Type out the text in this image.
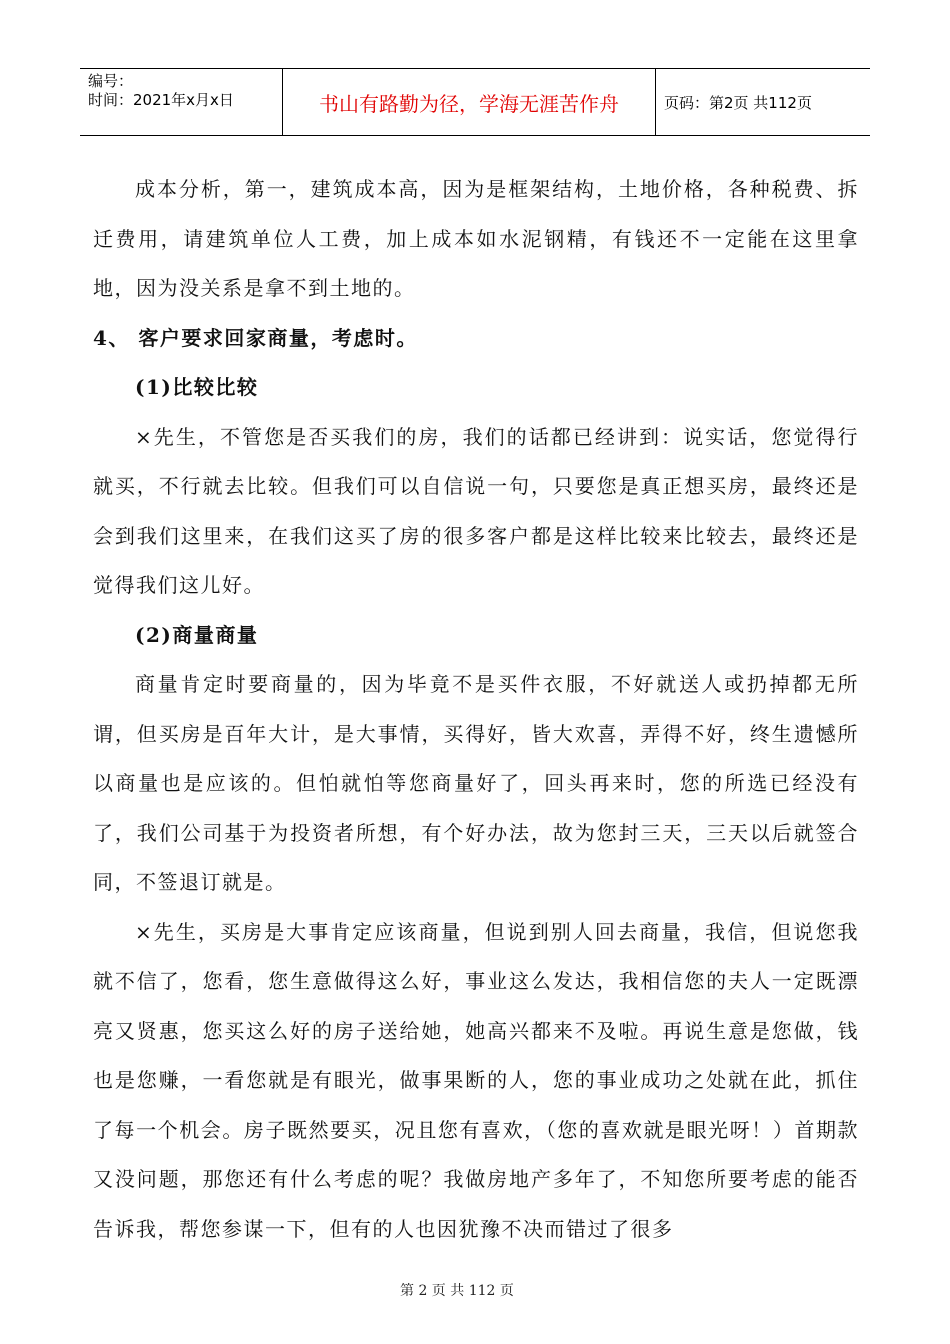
编号：
时间：2021年x月x日	书山有路勤为径，学海无涯苦作舟	页码：第2页 共112页

成本分析，第一，建筑成本高，因为是框架结构，土地价格，各种税费、拆迁费用，请建筑单位人工费，加上成本如水泥钢精，有钱还不一定能在这里拿地，因为没关系是拿不到土地的。

4、 客户要求回家商量，考虑时。

(1)比较比较

×先生，不管您是否买我们的房，我们的话都已经讲到：说实话，您觉得行就买，不行就去比较。但我们可以自信说一句，只要您是真正想买房，最终还是会到我们这里来，在我们这买了房的很多客户都是这样比较来比较去，最终还是觉得我们这儿好。

(2)商量商量

商量肯定时要商量的，因为毕竟不是买件衣服，不好就送人或扔掉都无所谓，但买房是百年大计，是大事情，买得好，皆大欢喜，弄得不好，终生遗憾所以商量也是应该的。但怕就怕等您商量好了，回头再来时，您的所选已经没有了，我们公司基于为投资者所想，有个好办法，故为您封三天，三天以后就签合同，不签退订就是。

×先生，买房是大事肯定应该商量，但说到别人回去商量，我信，但说您我就不信了，您看，您生意做得这么好，事业这么发达，我相信您的夫人一定既漂亮又贤惠，您买这么好的房子送给她，她高兴都来不及啦。再说生意是您做，钱也是您赚，一看您就是有眼光，做事果断的人，您的事业成功之处就在此，抓住了每一个机会。房子既然要买，况且您有喜欢，（您的喜欢就是眼光呀！）首期款又没问题，那您还有什么考虑的呢？我做房地产多年了，不知您所要考虑的能否告诉我，帮您参谋一下，但有的人也因犹豫不决而错过了很多

第 2 页 共 112 页
